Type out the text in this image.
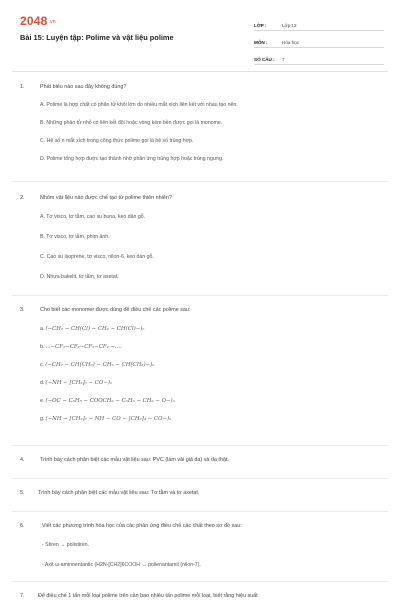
2048.vn
Bài 15: Luyện tập: Polime và vật liệu polime
LỚP :	Lớp 12
MÔN :	Hóa học
SỐ CÂU :	7
1.	Phát biểu nào sau đây không đúng?
A. Polime là hợp chất có phân tử khối lớn do nhiều mắt xích liên kết với nhau tạo nên.
B. Những phân tử nhỏ có liên kết đôi hoặc vòng kém bền được gọi là monome.
C. Hệ số n mắt xích trong công thức polime gọi là hệ số trùng hợp.
D. Polime tổng hợp được tạo thành nhờ phản ứng trùng hợp hoặc trùng ngưng.
2.	Nhóm vật liệu nào được chế tạo từ polime thiên nhiên?
A. Tơ visco, tơ tằm, cao su buna, keo dán gỗ.
B. Tơ visco, tơ tằm, phim ảnh.
C. Cao su isoprene, tơ visco, nilon-6, keo dán gỗ.
D. Nhựa bakelit, tơ tằm, tơ axetat.
3.	Cho biết các monomer được dùng để điều chế các polime sau:
a.(−CH₂ − CH(Cl) − CH₂ − CH(Cl)−)ₙ
b....−CF₂−CF₂−CF₂−CF₂ −....
c.(−CH₂ − CH(CH₃) − CH₂ − CH(CH₃)−)ₙ
d.(−NH − [CH₂]₆ − CO−)ₙ
e.(−OC − C₆H₅ − COOCH₂ − C₆H₅ − CH₂ − O−)ₙ
g.(−NH − [CH₂]₆ − NH − CO − [CH₂]₄ − CO−)ₙ
4.	Trình bày cách phân biệt các mẫu vật liệu sau: PVC (làm vải giả da) và da thật.
5.	Trình bày cách phân biệt các mẫu vật liệu sau: Tơ tằm và tơ axetat.
6.	Viết các phương trình hóa học của các phản ứng điều chế các chất theo sơ đồ sau:
- Stiren → polistiren.
- Axit ω-aminoentantic (H2N-[CH2]6COOH → polienantamit (nilon-7).
7.	Để điều chế 1 tấn mỗi loại polime trên cần bao nhiêu tấn polime mỗi loại, biết rằng hiệu suất
